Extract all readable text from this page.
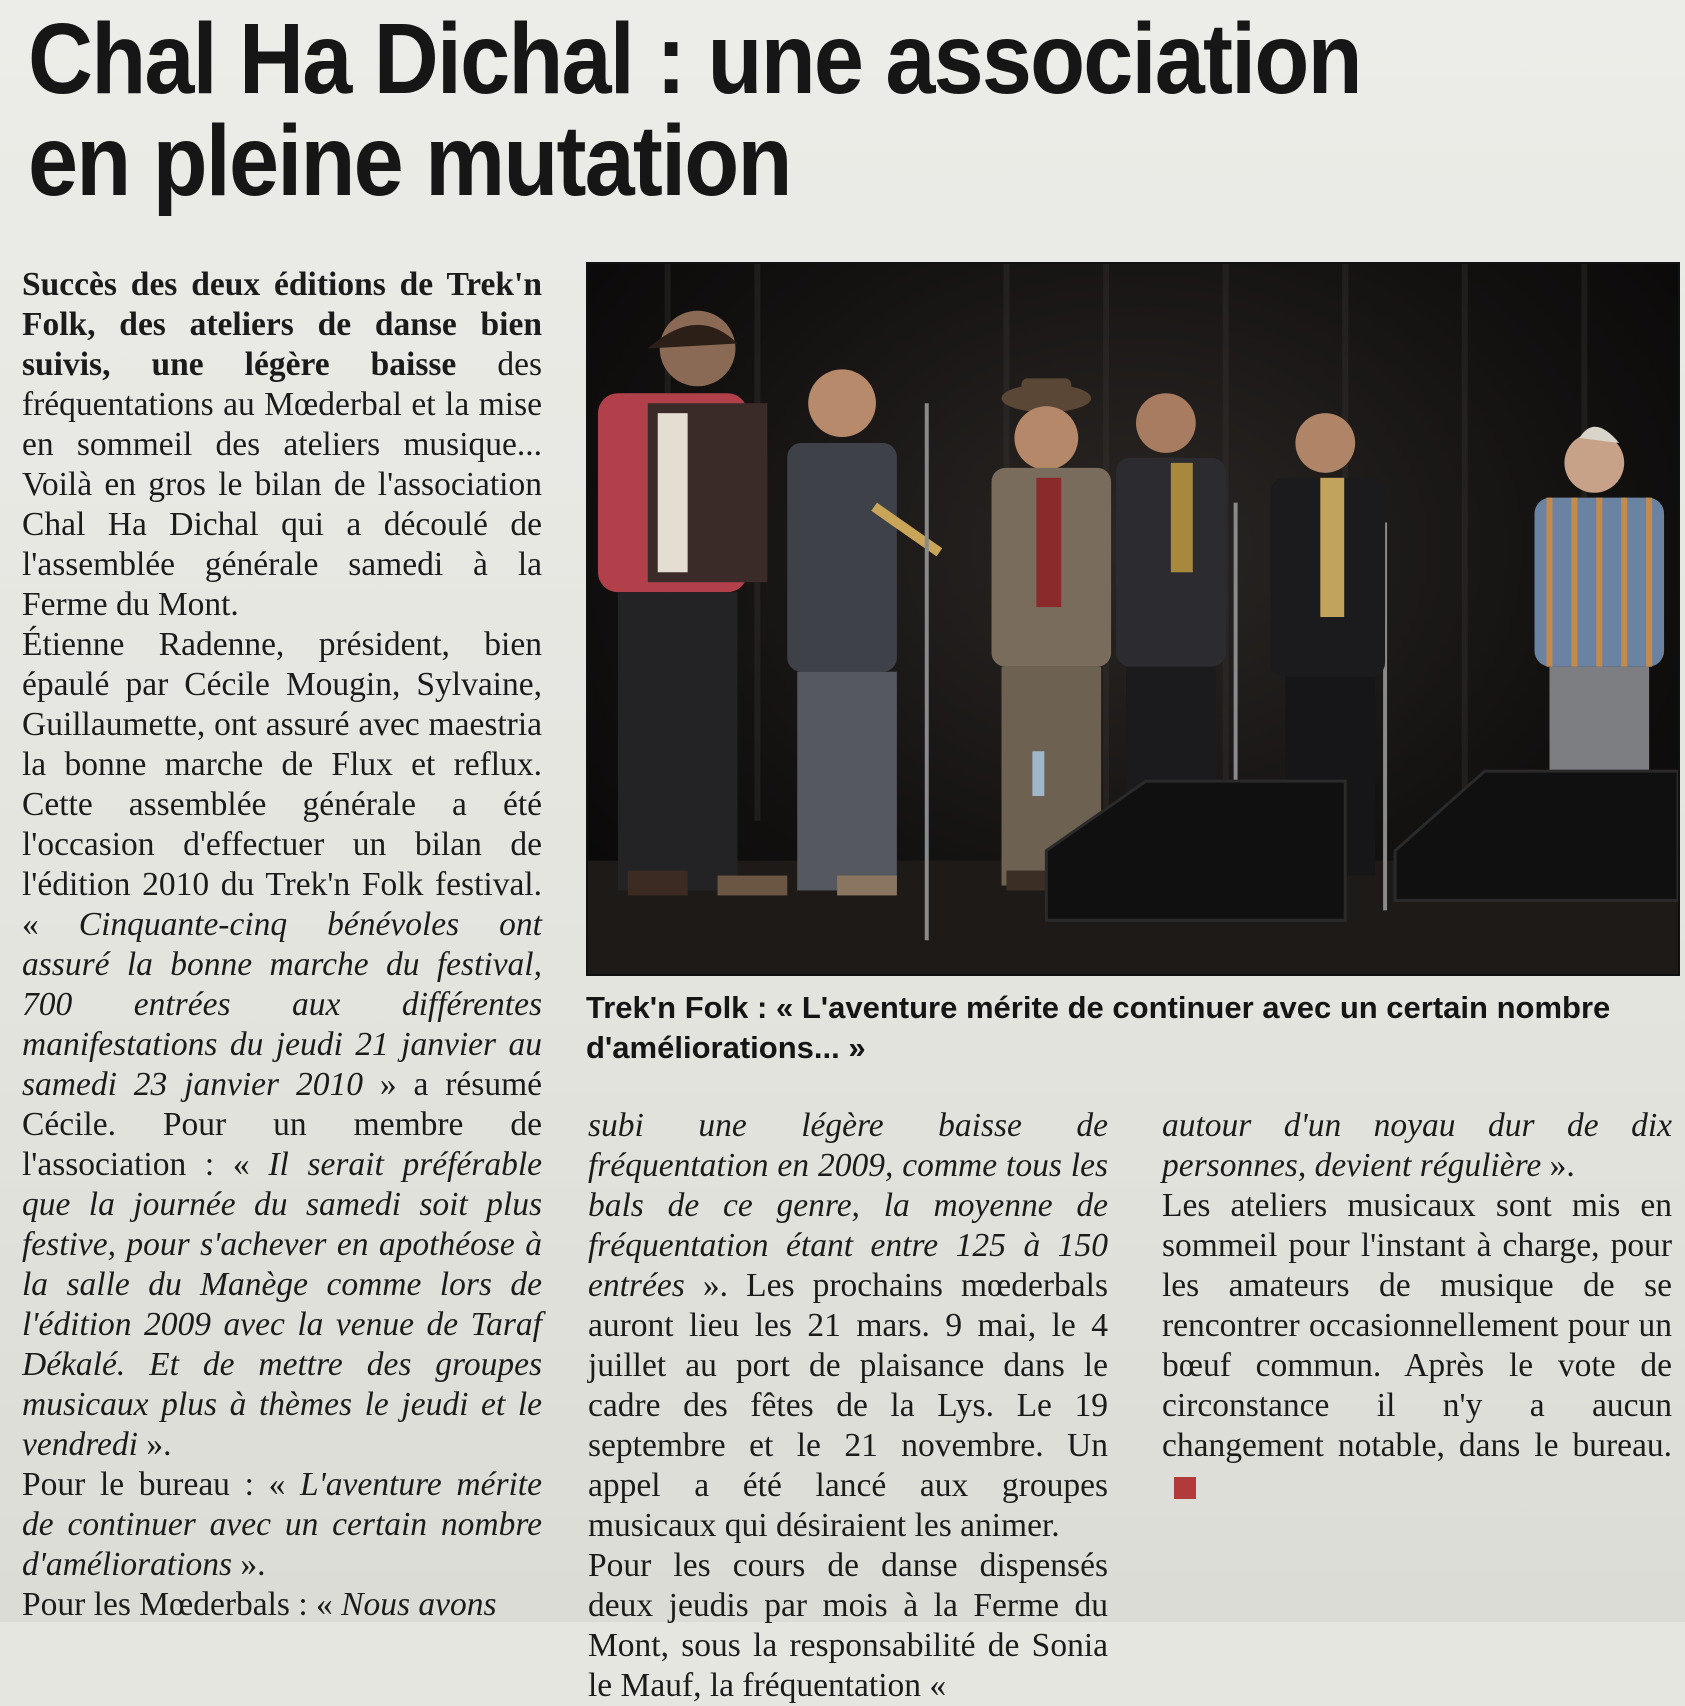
Chal Ha Dichal : une association
en pleine mutation

Succès des deux éditions de Trek'n Folk, des ateliers de danse bien suivis, une légère baisse des fréquentations au Mœderbal et la mise en sommeil des ateliers musique... Voilà en gros le bilan de l'association Chal Ha Dichal qui a découlé de l'assemblée générale samedi à la Ferme du Mont.

Étienne Radenne, président, bien épaulé par Cécile Mougin, Sylvaine, Guillaumette, ont assuré avec maestria la bonne marche de Flux et reflux. Cette assemblée générale a été l'occasion d'effectuer un bilan de l'édition 2010 du Trek'n Folk festival. « Cinquante-cinq bénévoles ont assuré la bonne marche du festival, 700 entrées aux différentes manifestations du jeudi 21 janvier au samedi 23 janvier 2010 » a résumé Cécile. Pour un membre de l'association : « Il serait préférable que la journée du samedi soit plus festive, pour s'achever en apothéose à la salle du Manège comme lors de l'édition 2009 avec la venue de Taraf Dékalé. Et de mettre des groupes musicaux plus à thèmes le jeudi et le vendredi ».

Pour le bureau : « L'aventure mérite de continuer avec un certain nombre d'améliorations ».

Pour les Mœderbals : « Nous avons

Trek'n Folk : « L'aventure mérite de continuer avec un certain nombre d'améliorations... »

subi une légère baisse de fréquentation en 2009, comme tous les bals de ce genre, la moyenne de fréquentation étant entre 125 à 150 entrées ». Les prochains mœderbals auront lieu les 21 mars. 9 mai, le 4 juillet au port de plaisance dans le cadre des fêtes de la Lys. Le 19 septembre et le 21 novembre. Un appel a été lancé aux groupes musicaux qui désiraient les animer.

Pour les cours de danse dispensés deux jeudis par mois à la Ferme du Mont, sous la responsabilité de Sonia le Mauf, la fréquentation «

autour d'un noyau dur de dix personnes, devient régulière ».

Les ateliers musicaux sont mis en sommeil pour l'instant à charge, pour les amateurs de musique de se rencontrer occasionnellement pour un bœuf commun. Après le vote de circonstance il n'y a aucun changement notable, dans le bureau.
